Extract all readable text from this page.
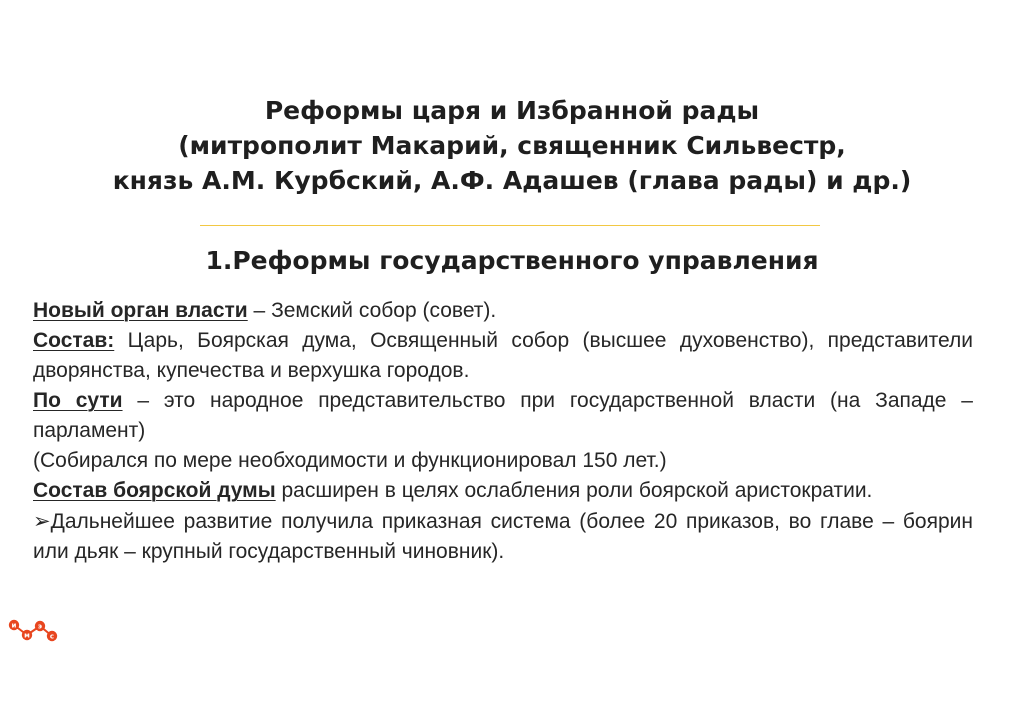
Реформы царя и Избранной рады
(митрополит Макарий, священник Сильвестр,
князь А.М. Курбский, А.Ф. Адашев (глава рады) и др.)
1.Реформы государственного управления

Новый орган власти – Земский собор (совет).

Состав: Царь, Боярская дума, Освященный собор (высшее духовенство), представители дворянства, купечества и верхушка городов.

По сути – это народное представительство при государственной власти (на Западе – парламент)

(Собирался по мере необходимости и функционировал 150 лет.)

Состав боярской думы расширен в целях ослабления роли боярской аристократии.

➢Дальнейшее развитие получила приказная система (более 20 приказов, во главе – боярин или дьяк – крупный государственный чиновник).

и
м
э
с
